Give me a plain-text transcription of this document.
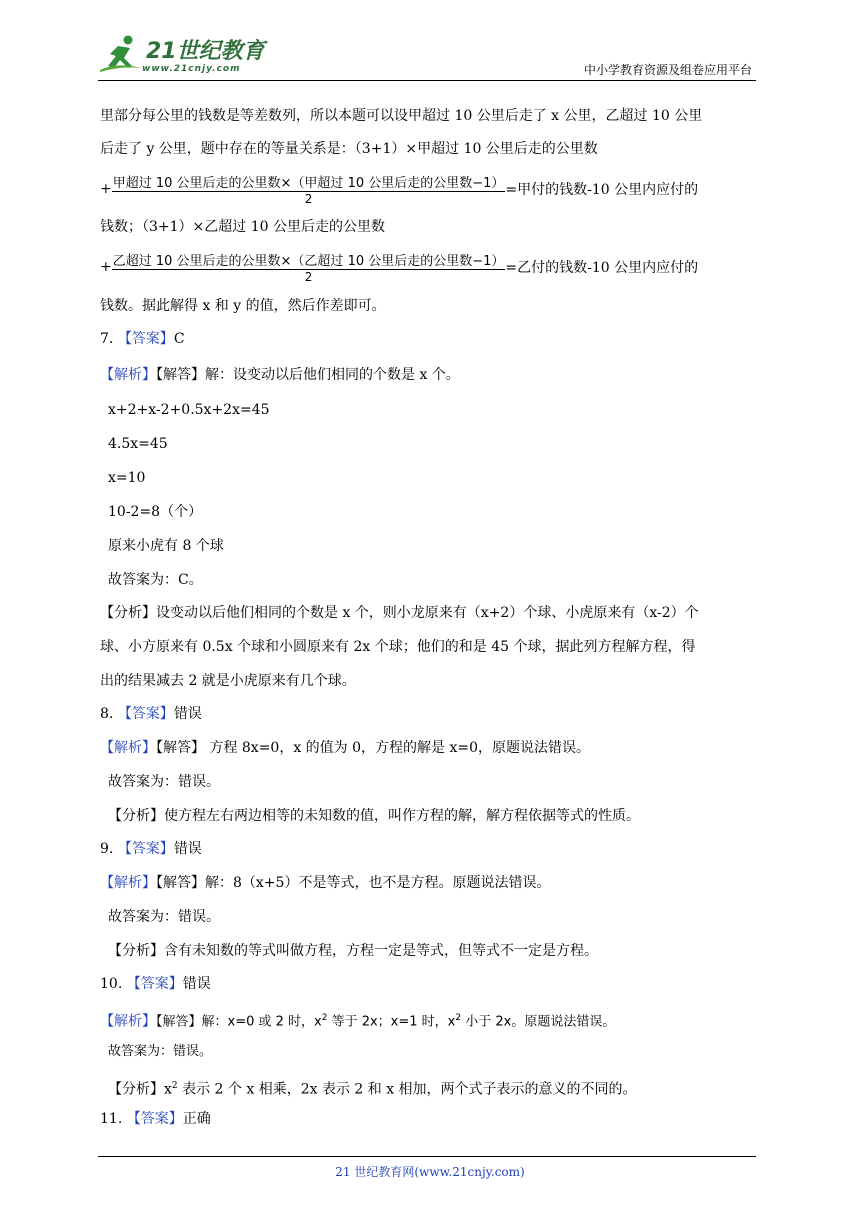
21世纪教育
www.21cnjy.com	中小学教育资源及组卷应用平台
里部分每公里的钱数是等差数列，所以本题可以设甲超过 10 公里后走了 x 公里，乙超过 10 公里
后走了 y 公里，题中存在的等量关系是：（3+1）×甲超过 10 公里后走的公里数
+ $\frac{\text{甲超过 10 公里后走的公里数×（甲超过 10 公里后走的公里数−1）}}{2}$ =甲付的钱数-10 公里内应付的
钱数；（3+1）×乙超过 10 公里后走的公里数
+ $\frac{\text{乙超过 10 公里后走的公里数×（乙超过 10 公里后走的公里数−1）}}{2}$ =乙付的钱数-10 公里内应付的
钱数。据此解得 x 和 y 的值，然后作差即可。
7. 【答案】C
【解析】【解答】解：设变动以后他们相同的个数是 x 个。
x+2+x-2+0.5x+2x=45
4.5x=45
x=10
10-2=8（个）
原来小虎有 8 个球
故答案为：C。
【分析】设变动以后他们相同的个数是 x 个，则小龙原来有（x+2）个球、小虎原来有（x-2）个
球、小方原来有 0.5x 个球和小圆原来有 2x 个球；他们的和是 45 个球，据此列方程解方程，得
出的结果减去 2 就是小虎原来有几个球。
8. 【答案】错误
【解析】【解答】 方程 8x=0，x 的值为 0，方程的解是 x=0，原题说法错误。
故答案为：错误。
【分析】使方程左右两边相等的未知数的值，叫作方程的解，解方程依据等式的性质。
9. 【答案】错误
【解析】【解答】解：8（x+5）不是等式，也不是方程。原题说法错误。
故答案为：错误。
【分析】含有未知数的等式叫做方程，方程一定是等式，但等式不一定是方程。
10. 【答案】错误
【解析】【解答】解：x=0 或 2 时，$x^2$ 等于 2x；x=1 时，$x^2$ 小于 2x。原题说法错误。
故答案为：错误。
【分析】$x^2$ 表示 2 个 x 相乘，2x 表示 2 和 x 相加，两个式子表示的意义的不同的。
11. 【答案】正确
21 世纪教育网(www.21cnjy.com)
